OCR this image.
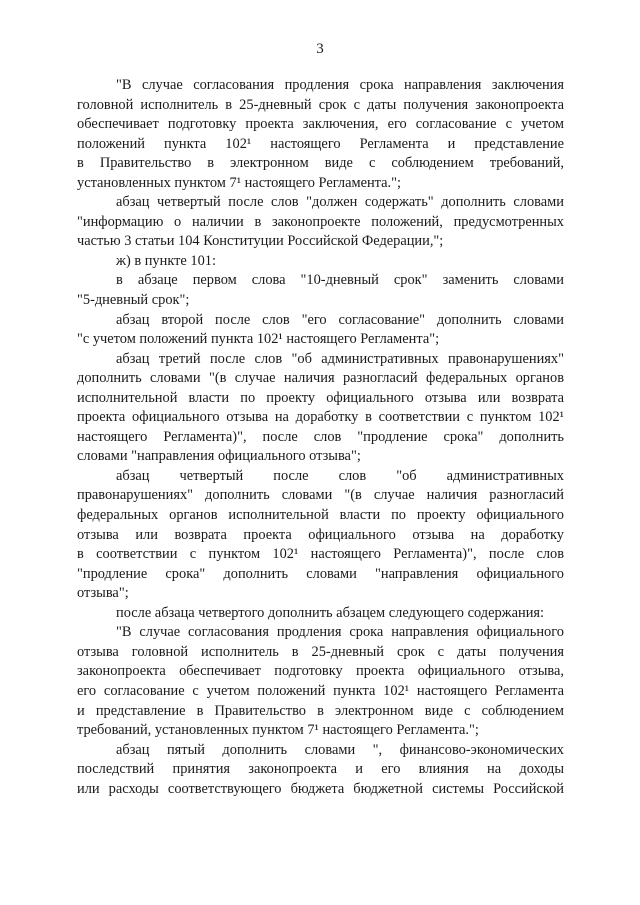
3
"В случае согласования продления срока направления заключения
головной исполнитель в 25-дневный срок с даты получения законопроекта
обеспечивает подготовку проекта заключения, его согласование с учетом
положений пункта 102¹ настоящего Регламента и представление
в Правительство в электронном виде с соблюдением требований,
установленных пунктом 7¹ настоящего Регламента.";
абзац четвертый после слов "должен содержать" дополнить словами
"информацию о наличии в законопроекте положений, предусмотренных
частью 3 статьи 104 Конституции Российской Федерации,";
ж) в пункте 101:
в абзаце первом слова "10-дневный срок" заменить словами
"5-дневный срок";
абзац второй после слов "его согласование" дополнить словами
"с учетом положений пункта 102¹ настоящего Регламента";
абзац третий после слов "об административных правонарушениях"
дополнить словами "(в случае наличия разногласий федеральных органов
исполнительной власти по проекту официального отзыва или возврата
проекта официального отзыва на доработку в соответствии с пунктом 102¹
настоящего Регламента)", после слов "продление срока" дополнить
словами "направления официального отзыва";
абзац четвертый после слов "об административных
правонарушениях" дополнить словами "(в случае наличия разногласий
федеральных органов исполнительной власти по проекту официального
отзыва или возврата проекта официального отзыва на доработку
в соответствии с пунктом 102¹ настоящего Регламента)", после слов
"продление срока" дополнить словами "направления официального
отзыва";
после абзаца четвертого дополнить абзацем следующего содержания:
"В случае согласования продления срока направления официального
отзыва головной исполнитель в 25-дневный срок с даты получения
законопроекта обеспечивает подготовку проекта официального отзыва,
его согласование с учетом положений пункта 102¹ настоящего Регламента
и представление в Правительство в электронном виде с соблюдением
требований, установленных пунктом 7¹ настоящего Регламента.";
абзац пятый дополнить словами ", финансово-экономических
последствий принятия законопроекта и его влияния на доходы
или расходы соответствующего бюджета бюджетной системы Российской
